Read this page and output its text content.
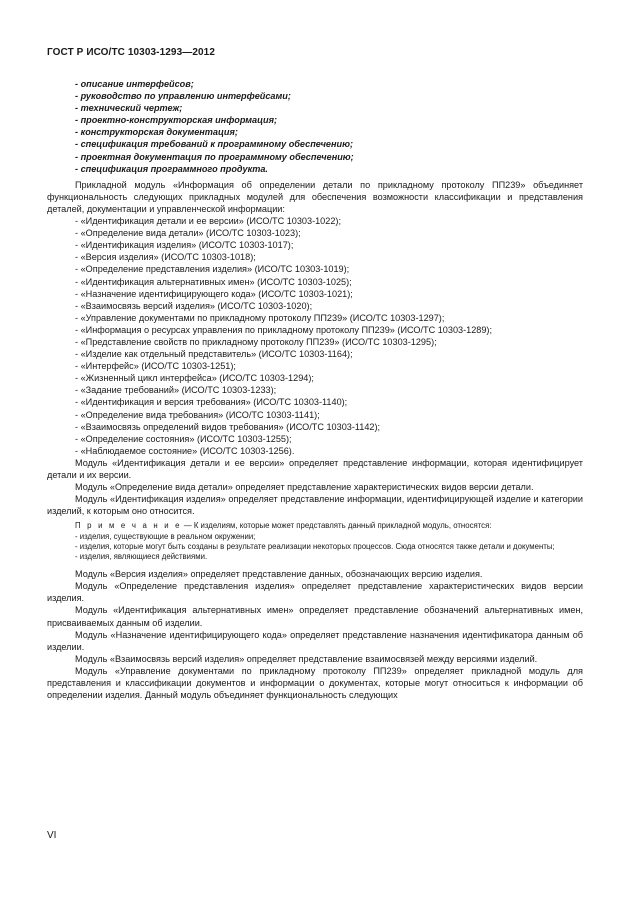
ГОСТ Р ИСО/ТС 10303-1293—2012

- описание интерфейсов;

- руководство по управлению интерфейсами;

- технический чертеж;

- проектно-конструкторская информация;

- конструкторская документация;

- спецификация требований к программному обеспечению;

- проектная документация по программному обеспечению;

- спецификация программного продукта.

Прикладной модуль «Информация об определении детали по прикладному протоколу ПП239» объединяет функциональность следующих прикладных модулей для обеспечения возможности классификации и представления деталей, документации и управленческой информации:

- «Идентификация детали и ее версии» (ИСО/ТС 10303-1022);

- «Определение вида детали» (ИСО/ТС 10303-1023);

- «Идентификация изделия» (ИСО/ТС 10303-1017);

- «Версия изделия» (ИСО/ТС 10303-1018);

- «Определение представления изделия» (ИСО/ТС 10303-1019);

- «Идентификация альтернативных имен» (ИСО/ТС 10303-1025);

- «Назначение идентифицирующего кода» (ИСО/ТС 10303-1021);

- «Взаимосвязь версий изделия» (ИСО/ТС 10303-1020);

- «Управление документами по прикладному протоколу ПП239» (ИСО/ТС 10303-1297);

- «Информация о ресурсах управления по прикладному протоколу ПП239» (ИСО/ТС 10303-1289);

- «Представление свойств по прикладному протоколу ПП239» (ИСО/ТС 10303-1295);

- «Изделие как отдельный представитель» (ИСО/ТС 10303-1164);

- «Интерфейс» (ИСО/ТС 10303-1251);

- «Жизненный цикл интерфейса» (ИСО/ТС 10303-1294);

- «Задание требований» (ИСО/ТС 10303-1233);

- «Идентификация и версия требования» (ИСО/ТС 10303-1140);

- «Определение вида требования» (ИСО/ТС 10303-1141);

- «Взаимосвязь определений видов требования» (ИСО/ТС 10303-1142);

- «Определение состояния» (ИСО/ТС 10303-1255);

- «Наблюдаемое состояние» (ИСО/ТС 10303-1256).

Модуль «Идентификация детали и ее версии» определяет представление информации, которая идентифицирует детали и их версии.

Модуль «Определение вида детали» определяет представление характеристических видов версии детали.

Модуль «Идентификация изделия» определяет представление информации, идентифицирующей изделие и категории изделий, к которым оно относится.

П р и м е ч а н и е — К изделиям, которые может представлять данный прикладной модуль, относятся:

- изделия, существующие в реальном окружении;

- изделия, которые могут быть созданы в результате реализации некоторых процессов. Сюда относятся также детали и документы;

- изделия, являющиеся действиями.

Модуль «Версия изделия» определяет представление данных, обозначающих версию изделия.

Модуль «Определение представления изделия» определяет представление характеристических видов версии изделия.

Модуль «Идентификация альтернативных имен» определяет представление обозначений альтернативных имен, присваиваемых данным об изделии.

Модуль «Назначение идентифицирующего кода» определяет представление назначения идентификатора данным об изделии.

Модуль «Взаимосвязь версий изделия» определяет представление взаимосвязей между версиями изделий.

Модуль «Управление документами по прикладному протоколу ПП239» определяет прикладной модуль для представления и классификации документов и информации о документах, которые могут относиться к информации об определении изделия. Данный модуль объединяет функциональность следующих

VI
